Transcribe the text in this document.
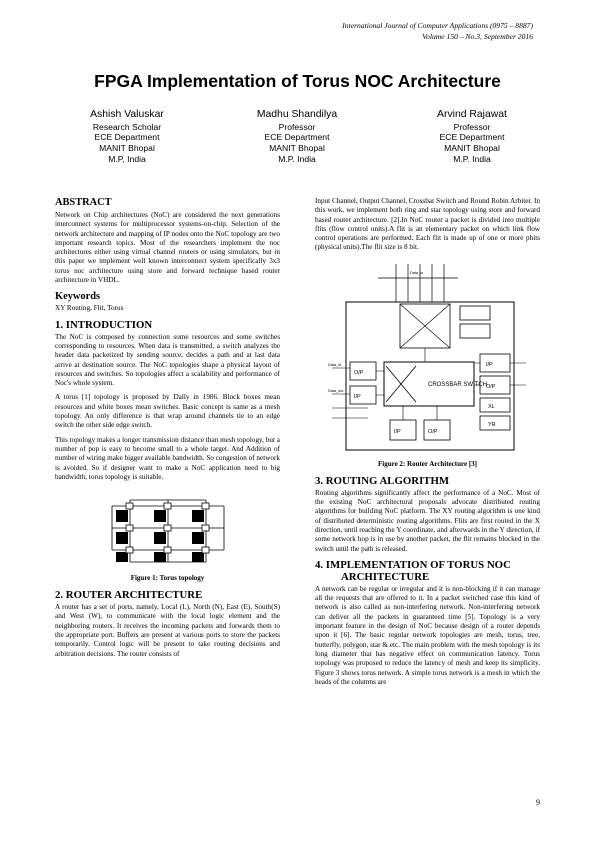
International Journal of Computer Applications (0975 – 8887)
Volume 150 – No.3, September 2016
FPGA Implementation of Torus NOC Architecture
Ashish Valuskar
Research Scholar
ECE Department
MANIT Bhopal
M.P, India
Madhu Shandilya
Professor
ECE Department
MANIT Bhopal
M.P. India
Arvind Rajawat
Professor
ECE Department
MANIT Bhopal
M.P. India
ABSTRACT

Network on Chip architectures (NoC) are considered the next generations interconnect systems for multiprocessor systems-on-chip. Selection of the network architecture and mapping of IP nodes onto the NoC topology are two important research topics. Most of the researchers implement the noc architectures either using virtual channel routers or using simulators, but in this paper we implement well known interconnect system specifically 3x3 torus noc architecture using store and forward technique based router architecture in VHDL.

Keywords

XY Routing, Flit, Torus

1. INTRODUCTION

The NoC is composed by connection some resources and some switches corresponding to resources. When data is transmitted, a switch analyzes the header data packetized by sending source, decides a path and at last data arrive at destination source. The NoC topologies shape a physical layout of resources and switches. So topologies affect a scalability and performance of Noc's whole system.

A torus [1] topology is proposed by Dally in 1986. Block boxes mean resources and white boxes mean switches. Basic concept is same as a mesh topology. An only difference is that wrap around channels tie to an edge switch the other side edge switch.

This topology makes a longer transmission distance than mesh topology, but a number of pop is easy to become small to a whole target. And Addition of number of wiring make bigger available bandwidth. So congestion of network is avoided. So if designer want to make a NoC application need to big bandwidth, torus topology is suitable.

Figure 1: Torus topology
2. ROUTER ARCHITECTURE

A router has a set of ports, namely, Local (L), North (N), East (E), South(S) and West (W), to communicate with the local logic element and the neighboring routers. It receives the incoming packets and forwards them to the appropriate port. Buffers are present at various ports to store the packets temporarily. Control logic will be present to take routing decisions and arbitration decisions. The router consists of

Input Channel, Output Channel, Crossbar Switch and Round Robin Arbiter. In this work, we implement both ring and star topology using store and forward based router architecture. [2].In NoC router a packet is divided into multiple flits (flow control units).A flit is an elementary packet on which link flow control operations are performed. Each flit is made up of one or more phits (physical units).The flit size is 8 bit.

CROSSBAR SWITCH
O/P
I/P
I/P
O/P
XL
YR
I/P	O/P
Data_in
Data_out
Data_in
Figure 2: Router Architecture [3]
3. ROUTING ALGORITHM

Routing algorithms significantly affect the performance of a NoC. Most of the existing NoC architectural proposals advocate distributed routing algorithms for building NoC platform. The XY routing algorithm is one kind of distributed deterministic routing algorithms. Flits are first routed in the X direction, until reaching the Y coordinate, and afterwards in the Y direction, if some network hop is in use by another packet, the flit remains blocked in the switch until the path is released.

4. IMPLEMENTATION OF TORUS NOC ARCHITECTURE

A network can be regular or irregular and it is non-blocking if it can manage all the requests that are offered to it. In a packet switched case this kind of network is also called as non-interfering network. Non-interfering network can deliver all the packets in guaranteed time [5]. Topology is a very important feature in the design of NoC because design of a router depends upon it [6]. The basic regular network topologies are mesh, torus, tree, butterfly, polygon, star & etc. The main problem with the mesh topology is its long diameter that has negative effect on communication latency. Torus topology was proposed to reduce the latency of mesh and keep its simplicity. Figure 3 shows torus network. A simple torus network is a mesh in which the heads of the columns are

9
